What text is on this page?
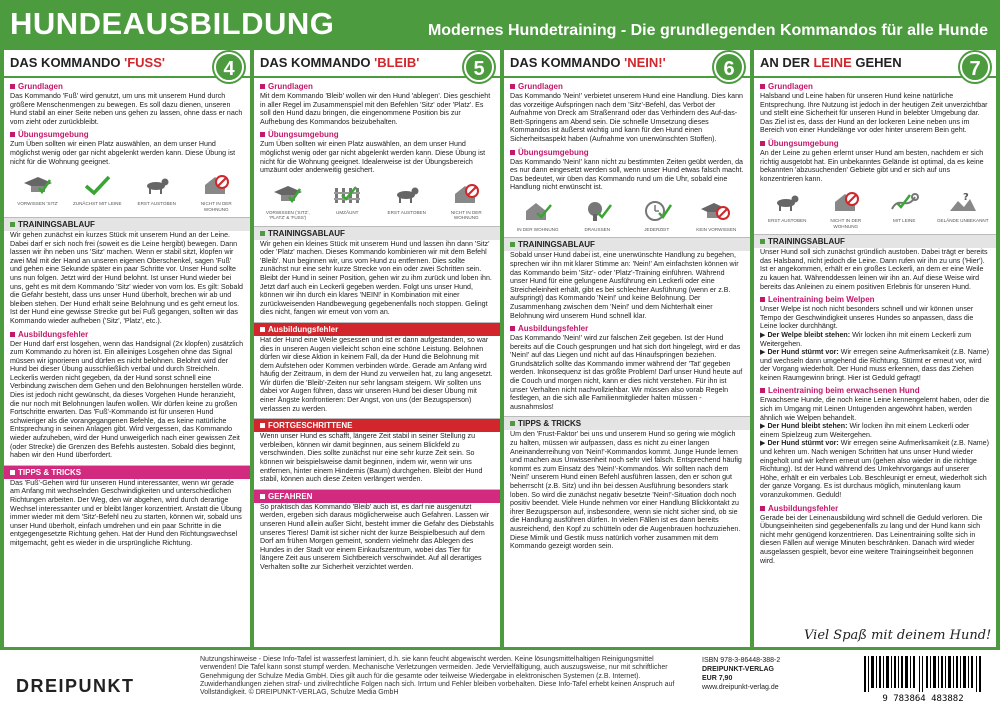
HUNDEAUSBILDUNG	Modernes Hundetraining - Die grundlegenden Kommandos für alle Hunde
DAS KOMMANDO 'FUSS'	4
Grundlagen
Das Kommando 'Fuß' wird genutzt, um uns mit unserem Hund durch größere Menschenmengen zu bewegen. Es soll dazu dienen, unseren Hund stabil an einer Seite neben uns gehen zu lassen, ohne dass er nach vorn zieht oder zurückbleibt.
Übungsumgebung
Zum Üben sollten wir einen Platz auswählen, an dem unser Hund möglichst wenig oder gar nicht abgelenkt werden kann. Diese Übung ist nicht für die Wohnung geeignet.
VORWISSEN 'SITZ'	ZUNÄCHST MIT LEINE	ERST AUSTOBEN	NICHT IN DER WOHNUNG
TRAININGSABLAUF
Wir gehen zunächst ein kurzes Stück mit unserem Hund an der Leine. Dabei darf er sich noch frei (soweit es die Leine hergibt) bewegen. Dann lassen wir ihn neben uns 'Sitz' machen. Wenn er stabil sitzt, klopfen wir zwei Mal mit der Hand an unseren eigenen Oberschenkel, sagen 'Fuß' und gehen eine Sekunde später ein paar Schritte vor. Unser Hund sollte uns nun folgen. Jetzt wird der Hund belohnt. Ist unser Hund wieder bei uns, geht es mit dem Kommando 'Sitz' wieder von vorn los. Es gilt: Sobald die Gefahr besteht, dass uns unser Hund überholt, brechen wir ab und bleiben stehen. Der Hund erhält seine Belohnung und es geht erneut los. Ist der Hund eine gewisse Strecke gut bei Fuß gegangen, sollten wir das Kommando wieder aufheben ('Sitz', 'Platz', etc.).
Ausbildungsfehler
Der Hund darf erst losgehen, wenn das Handsignal (2x klopfen) zusätzlich zum Kommando zu hören ist. Ein alleiniges Losgehen ohne das Signal müssen wir ignorieren und dürfen es nicht belohnen. Belohnt wird der Hund bei dieser Übung ausschließlich verbal und durch Streicheln. Leckerlis werden nicht gegeben, da der Hund sonst schnell eine Verbindung zwischen dem Gehen und den Belohnungen herstellen würde. Dies ist jedoch nicht gewünscht, da dieses Vorgehen Hunde heranzieht, die nur noch mit Belohnungen laufen wollen. Wir dürfen keine zu großen Fortschritte erwarten. Das 'Fuß'-Kommando ist für unseren Hund schwieriger als die vorangegangenen Befehle, da es keine natürliche Entsprechung in seinen Anlagen gibt. Wird vergessen, das Kommando wieder aufzuheben, wird der Hund unweigerlich nach einer gewissen Zeit (oder Strecke) die Grenzen des Befehls austesten. Sobald dies beginnt, haben wir den Hund überfordert.
TIPPS & TRICKS
Das 'Fuß'-Gehen wird für unseren Hund interessanter, wenn wir gerade am Anfang mit wechselnden Geschwindigkeiten und unterschiedlichen Richtungen arbeiten. Der Weg, den wir abgehen, wird durch derartige Wechsel interessanter und er bleibt länger konzentriert. Anstatt die Übung immer wieder mit dem 'Sitz'-Befehl neu zu starten, können wir, sobald uns unser Hund überholt, einfach umdrehen und ein paar Schritte in die entgegengesetzte Richtung gehen. Hat der Hund den Richtungswechsel mitgemacht, geht es wieder in die ursprüngliche Richtung.
DAS KOMMANDO 'BLEIB'	5
Grundlagen
Mit dem Kommando 'Bleib' wollen wir den Hund 'ablegen'. Dies geschieht in aller Regel im Zusammenspiel mit den Befehlen 'Sitz' oder 'Platz'. Es soll den Hund dazu bringen, die eingenommene Position bis zur Aufhebung des Kommandos beizubehalten.
Übungsumgebung
Zum Üben sollten wir einen Platz auswählen, an dem unser Hund möglichst wenig oder gar nicht abgelenkt werden kann. Diese Übung ist nicht für die Wohnung geeignet. Idealerweise ist der Übungsbereich umzäunt oder anderweitig gesichert.
VORWISSEN ('SITZ', 'PLATZ' & 'FUSS')
UMZÄUNT	ERST AUSTOBEN	NICHT IN DER WOHNUNG
TRAININGSABLAUF
Wir gehen ein kleines Stück mit unserem Hund und lassen ihn dann 'Sitz' oder 'Platz' machen. Dieses Kommando kombinieren wir mit dem Befehl 'Bleib'. Nun beginnen wir, uns vom Hund zu entfernen. Dies sollte zunächst nur eine sehr kurze Strecke von ein oder zwei Schritten sein. Bleibt der Hund in seiner Position, gehen wir zu ihm zurück und loben ihn. Jetzt darf auch ein Leckerli gegeben werden. Folgt uns unser Hund, können wir ihn durch ein klares 'NEIN!' in Kombination mit einer zurückweisenden Handbewegung gegebenenfalls noch stoppen. Gelingt dies nicht, fangen wir erneut von vorn an.
Ausbildungsfehler
Hat der Hund eine Weile gesessen und ist er dann aufgestanden, so war dies in unseren Augen vielleicht schon eine schöne Leistung. Belohnen dürfen wir diese Aktion in keinem Fall, da der Hund die Belohnung mit dem Aufstehen oder Kommen verbinden würde. Gerade am Anfang wird häufig der Zeitraum, in dem der Hund zu verweilen hat, zu lang angesetzt. Wir dürfen die 'Bleib'-Zeiten nur sehr langsam steigern. Wir sollten uns dabei vor Augen führen, dass wir unseren Hund bei dieser Übung mit einer Ängste konfrontieren: Der Angst, von uns (der Bezugsperson) verlassen zu werden.
FORTGESCHRITTENE
Wenn unser Hund es schafft, längere Zeit stabil in seiner Stellung zu verbleiben, können wir damit beginnen, aus seinem Blickfeld zu verschwinden. Dies sollte zunächst nur eine sehr kurze Zeit sein. So können wir beispielsweise damit beginnen, indem wir, wenn wir uns entfernen, hinter einem Hindernis (Baum) durchgehen. Bleibt der Hund stabil, können auch diese Zeiten verlängert werden.
GEFAHREN
So praktisch das Kommando 'Bleib' auch ist, es darf nie ausgenutzt werden, ergeben sich daraus möglicherweise auch Gefahren. Lassen wir unseren Hund allein außer Sicht, besteht immer die Gefahr des Diebstahls unseres Tieres! Damit ist sicher nicht der kurze Beispielbesuch auf dem Dorf am frühen Morgen gemeint, sondern vielmehr das Ablegen des Hundes in der Stadt vor einem Einkaufszentrum, wobei das Tier für längere Zeit aus unserem Sichtbereich verschwindet. Auf all derartiges Verhalten sollte zur Sicherheit verzichtet werden.
DAS KOMMANDO 'NEIN!'	6
Grundlagen
Das Kommando 'Nein!' verbietet unserem Hund eine Handlung. Dies kann das vorzeitige Aufspringen nach dem 'Sitz'-Befehl, das Verbot der Aufnahme von Dreck am Straßenrand oder das Verhindern des Auf-das-Bett-Springens am Abend sein. Die schnelle Umsetzung dieses Kommandos ist äußerst wichtig und kann für den Hund einen Sicherheitsaspekt haben (Aufnahme von unerwünschten Stoffen).
Übungsumgebung
Das Kommando 'Nein!' kann nicht zu bestimmten Zeiten geübt werden, da es nur dann eingesetzt werden soll, wenn unser Hund etwas falsch macht. Das bedeutet, wir üben das Kommando rund um die Uhr, sobald eine Handlung nicht erwünscht ist.
IN DER WOHNUNG	DRAUSSEN	JEDERZEIT	KEIN VORWISSEN
TRAININGSABLAUF
Sobald unser Hund dabei ist, eine unerwünschte Handlung zu begehen, sprechen wir ihn mit klarer Stimme an: 'Nein!' Am einfachsten können wir das Kommando beim 'Sitz'- oder 'Platz'-Training einführen. Während unser Hund für eine gelungene Ausführung ein Leckerli oder eine Streicheleinheit erhält, gibt es bei schlechter Ausführung (wenn er z.B. aufspringt) das Kommando 'Nein!' und keine Belohnung. Der Zusammenhang zwischen dem 'Nein!' und dem Nichterhalt einer Belohnung wird unserem Hund schnell klar.
Ausbildungsfehler
Das Kommando 'Nein!' wird zur falschen Zeit gegeben. Ist der Hund bereits auf die Couch gesprungen und hat sich dort hingelegt, wird er das 'Nein!' auf das Liegen und nicht auf das Hinaufspringen beziehen. Grundsätzlich sollte das Kommando immer während der 'Tat' gegeben werden. Inkonsequenz ist das größte Problem! Darf unser Hund heute auf die Couch und morgen nicht, kann er dies nicht verstehen. Für ihn ist unser Verhalten nicht nachvollziehbar. Wir müssen also vorab Regeln festlegen, an die sich alle Familienmitglieder halten müssen - ausnahmslos!
TIPPS & TRICKS
Um den 'Frust-Faktor' bei uns und unserem Hund so gering wie möglich zu halten, müssen wir aufpassen, dass es nicht zu einer langen Aneinanderreihung von 'Nein!'-Kommandos kommt. Junge Hunde lernen und machen aus Unwissenheit noch sehr viel falsch. Entsprechend häufig kommt es zum Einsatz des 'Nein!'-Kommandos. Wir sollten nach dem 'Nein!' unserem Hund einen Befehl ausführen lassen, den er schon gut beherrscht (z.B. Sitz) und ihn bei dessen Ausführung besonders stark loben. So wird die zunächst negativ besetzte 'Nein!'-Situation doch noch positiv beendet. Viele Hunde nehmen vor einer Handlung Blickkontakt zu ihrer Bezugsperson auf, insbesondere, wenn sie nicht sicher sind, ob sie die Handlung ausführen dürfen. In vielen Fällen ist es dann bereits ausreichend, den Kopf zu schütteln oder die Augenbrauen hochzuziehen. Diese Mimik und Gestik muss natürlich vorher zusammen mit dem Kommando gezeigt worden sein.
AN DER LEINE GEHEN	7
Grundlagen
Halsband und Leine haben für unseren Hund keine natürliche Entsprechung. Ihre Nutzung ist jedoch in der heutigen Zeit unverzichtbar und stellt eine Sicherheit für unseren Hund in belebter Umgebung dar. Das Ziel ist es, dass der Hund an der lockeren Leine neben uns im Bereich von einer Hundelänge vor oder hinter unserem Bein geht.
Übungsumgebung
An der Leine zu gehen erlernt unser Hund am besten, nachdem er sich richtig ausgetobt hat. Ein unbekanntes Gelände ist optimal, da es keine bekannten 'abzusuchenden' Gebiete gibt und er sich auf uns konzentrieren kann.
ERST AUSTOBEN	NICHT IN DER WOHNUNG
MIT LEINE
?
GELÄNDE UNBEKANNT
TRAININGSABLAUF
Unser Hund soll sich zunächst gründlich austoben. Dabei trägt er bereits das Halsband, nicht jedoch die Leine. Dann rufen wir ihn zu uns ('Hier'). Ist er angekommen, erhält er ein großes Leckerli, an dem er eine Weile zu kauen hat. Währenddessen leinen wir ihn an. Auf diese Weise wird bereits das Anleinen zu einem positiven Erlebnis für unseren Hund.
Leinentraining beim Welpen
Unser Welpe ist noch nicht besonders schnell und wir können unser Tempo der Geschwindigkeit unseres Hundes so anpassen, dass die Leine locker durchhängt.
▶ Der Welpe bleibt stehen: Wir locken ihn mit einem Leckerli zum Weitergehen.
▶ Der Hund stürmt vor: Wir erregen seine Aufmerksamkeit (z.B. Name) und wechseln dann umgehend die Richtung. Stürmt er erneut vor, wird der Vorgang wiederholt. Der Hund muss erkennen, dass das Ziehen keinen Raumgewinn bringt. Hier ist Geduld gefragt!
Leinentraining beim erwachsenen Hund
Erwachsene Hunde, die noch keine Leine kennengelernt haben, oder die sich im Umgang mit Leinen Untugenden angewöhnt haben, werden ähnlich wie Welpen behandelt.
▶ Der Hund bleibt stehen: Wir locken ihn mit einem Leckerli oder einem Spielzeug zum Weitergehen.
▶ Der Hund stürmt vor: Wir erregen seine Aufmerksamkeit (z.B. Name) und kehren um. Nach wenigen Schritten hat uns unser Hund wieder eingeholt und wir kehren erneut um (gehen also wieder in die richtige Richtung). Ist der Hund während des Umkehrvorgangs auf unserer Höhe, erhält er ein verbales Lob. Beschleunigt er erneut, wiederholt sich der ganze Vorgang. Es ist durchaus möglich, minutenlang kaum voranzukommen. Geduld!
Ausbildungsfehler
Gerade bei der Leinenausbildung wird schnell die Geduld verloren. Die Übungseinheiten sind gegebenenfalls zu lang und der Hund kann sich nicht mehr genügend konzentrieren. Das Leinentraining sollte sich in diesen Fällen auf wenige Minuten beschränken. Danach wird wieder ausgelassen gespielt, bevor eine weitere Trainingseinheit begonnen wird.
Viel Spaß mit deinem Hund!
DREIPUNKT
Nutzungshinweise - Diese Info-Tafel ist wasserfest laminiert, d.h. sie kann feucht abgewischt werden. Keine lösungsmittelhaltigen Reinigungsmittel verwenden! Die Tafel kann sonst stumpf werden. Mechanische Verletzungen vermeiden. Jede Vervielfältigung, auch auszugsweise, nur mit schriftlicher Genehmigung der Schulze Media GmbH. Dies gilt auch für die gesamte oder teilweise Wiedergabe in elektronischen Systemen (z.B. Internet). Zuwiderhandlungen ziehen straf- und zivilrechtliche Folgen nach sich. Irrtum und Fehler bleiben vorbehalten. Diese Info-Tafel erhebt keinen Anspruch auf Vollständigkeit. © DREIPUNKT-VERLAG, Schulze Media GmbH
ISBN 978-3-86448-388-2
DREIPUNKT-VERLAG
EUR 7,90
www.dreipunkt-verlag.de
9 783864 483882
